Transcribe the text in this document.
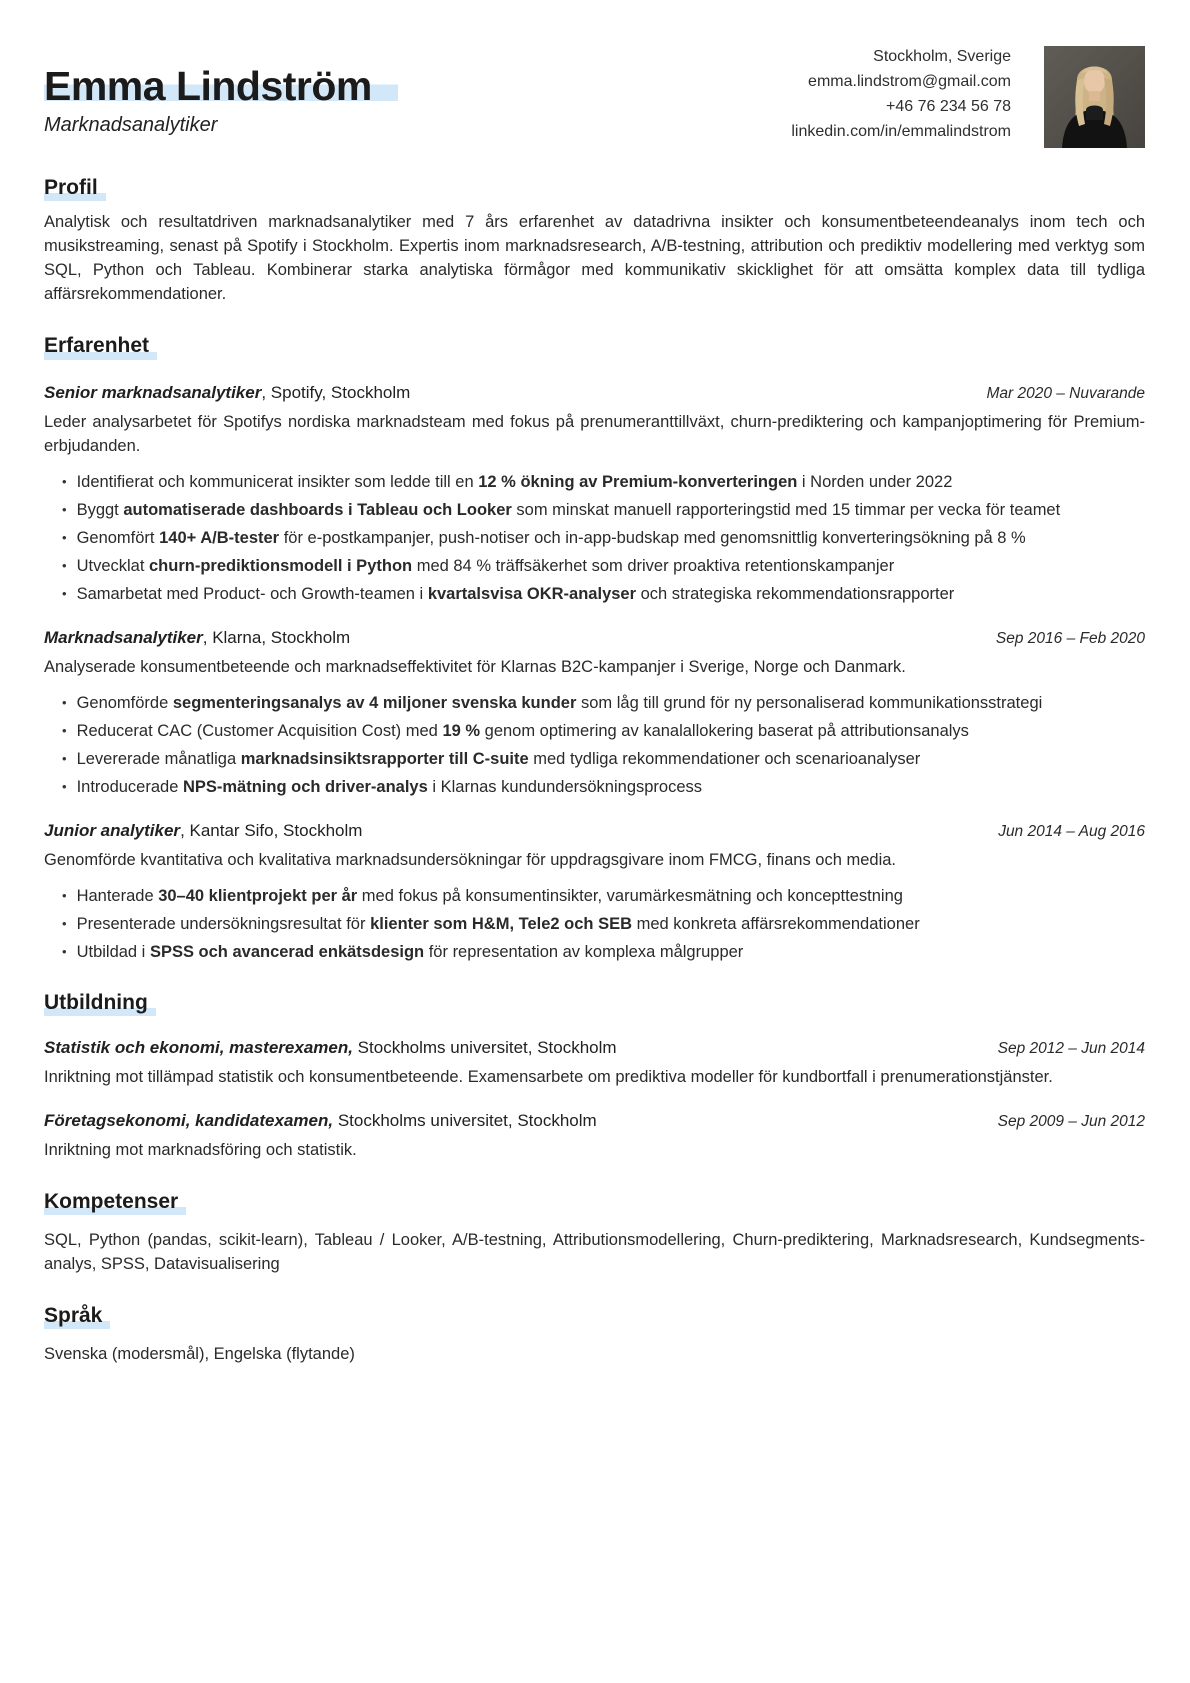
Emma Lindström
Marknadsanalytiker
Stockholm, Sverige
emma.lindstrom@gmail.com
+46 76 234 56 78
linkedin.com/in/emmalindstrom
Profil

Analytisk och resultatdriven marknadsanalytiker med 7 års erfarenhet av datadrivna insikter och konsumentbeteendeanalys inom tech och musikstreaming, senast på Spotify i Stockholm. Expertis inom marknadsresearch, A/B-testning, attribution och prediktiv modellering med verktyg som SQL, Python och Tableau. Kombinerar starka analytiska förmågor med kommunikativ skicklighet för att omsätta komplex data till tydliga affärsrekommendationer.

Erfarenhet
Senior marknadsanalytiker, Spotify, Stockholm	Mar 2020 – Nuvarande

Leder analysarbetet för Spotifys nordiska marknadsteam med fokus på prenumeranttillväxt, churn-prediktering och kampanjoptimering för Premium-erbjudanden.

• Identifierat och kommunicerat insikter som ledde till en 12 % ökning av Premium-konverteringen i Norden under 2022
• Byggt automatiserade dashboards i Tableau och Looker som minskat manuell rapporteringstid med 15 timmar per vecka för teamet
• Genomfört 140+ A/B-tester för e-postkampanjer, push-notiser och in-app-budskap med genomsnittlig konverteringsökning på 8 %
• Utvecklat churn-prediktionsmodell i Python med 84 % träffsäkerhet som driver proaktiva retentionskampanjer
• Samarbetat med Product- och Growth-teamen i kvartalsvisa OKR-analyser och strategiska rekommendationsrapporter
Marknadsanalytiker, Klarna, Stockholm	Sep 2016 – Feb 2020

Analyserade konsumentbeteende och marknadseffektivitet för Klarnas B2C-kampanjer i Sverige, Norge och Danmark.

• Genomförde segmenteringsanalys av 4 miljoner svenska kunder som låg till grund för ny personaliserad kommunikationsstrategi
• Reducerat CAC (Customer Acquisition Cost) med 19 % genom optimering av kanalallokering baserat på attributionsanalys
• Levererade månatliga marknadsinsiktsrapporter till C-suite med tydliga rekommendationer och scenarioanalyser
• Introducerade NPS-mätning och driver-analys i Klarnas kundundersökningsprocess
Junior analytiker, Kantar Sifo, Stockholm	Jun 2014 – Aug 2016

Genomförde kvantitativa och kvalitativa marknadsundersökningar för uppdragsgivare inom FMCG, finans och media.

• Hanterade 30–40 klientprojekt per år med fokus på konsumentinsikter, varumärkesmätning och koncepttestning
• Presenterade undersökningsresultat för klienter som H&M, Tele2 och SEB med konkreta affärsrekommendationer
• Utbildad i SPSS och avancerad enkätsdesign för representation av komplexa målgrupper
Utbildning
Statistik och ekonomi, masterexamen, Stockholms universitet, Stockholm	Sep 2012 – Jun 2014

Inriktning mot tillämpad statistik och konsumentbeteende. Examensarbete om prediktiva modeller för kundbortfall i prenumerationstjänster.

Företagsekonomi, kandidatexamen, Stockholms universitet, Stockholm	Sep 2009 – Jun 2012

Inriktning mot marknadsföring och statistik.

Kompetenser

SQL, Python (pandas, scikit-learn), Tableau / Looker, A/B-testning, Attributionsmodellering, Churn-prediktering, Marknadsresearch, Kundsegments-analys, SPSS, Datavisualisering

Språk

Svenska (modersmål), Engelska (flytande)
